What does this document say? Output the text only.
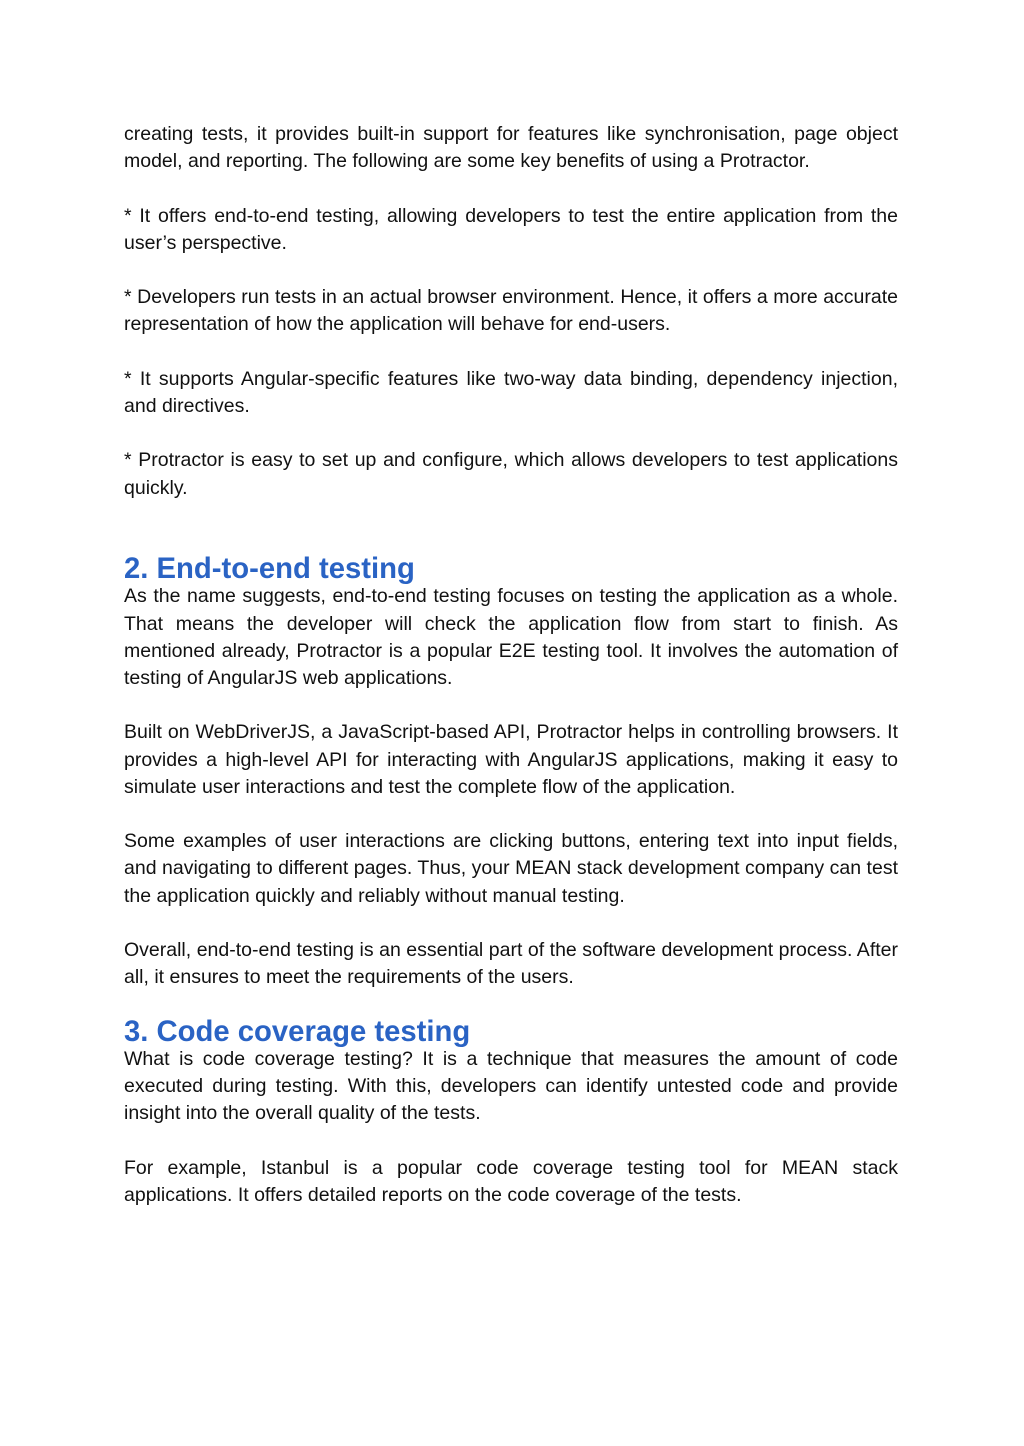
creating tests, it provides built-in support for features like synchronisation, page object model, and reporting. The following are some key benefits of using a Protractor.

* It offers end-to-end testing, allowing developers to test the entire application from the user’s perspective.

* Developers run tests in an actual browser environment. Hence, it offers a more accurate representation of how the application will behave for end-users.

* It supports Angular-specific features like two-way data binding, dependency injection, and directives.

* Protractor is easy to set up and configure, which allows developers to test applications quickly.

2. End-to-end testing

As the name suggests, end-to-end testing focuses on testing the application as a whole. That means the developer will check the application flow from start to finish. As mentioned already, Protractor is a popular E2E testing tool. It involves the automation of testing of AngularJS web applications.

Built on WebDriverJS, a JavaScript-based API, Protractor helps in controlling browsers. It provides a high-level API for interacting with AngularJS applications, making it easy to simulate user interactions and test the complete flow of the application.

Some examples of user interactions are clicking buttons, entering text into input fields, and navigating to different pages. Thus, your MEAN stack development company can test the application quickly and reliably without manual testing.

Overall, end-to-end testing is an essential part of the software development process. After all, it ensures to meet the requirements of the users.

3. Code coverage testing

What is code coverage testing? It is a technique that measures the amount of code executed during testing. With this, developers can identify untested code and provide insight into the overall quality of the tests.

For example, Istanbul is a popular code coverage testing tool for MEAN stack applications. It offers detailed reports on the code coverage of the tests.
